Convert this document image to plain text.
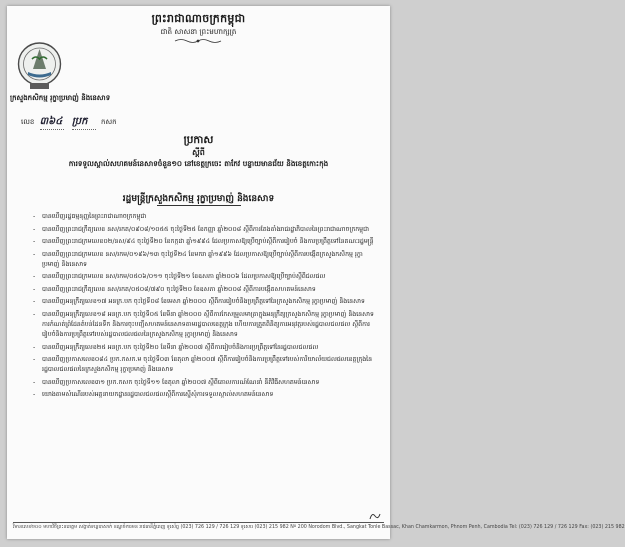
ព្រះរាជាណាចក្រកម្ពុជា
ជាតិ សាសនា ព្រះមហាក្សត្រ
ក្រសួងកសិកម្ម រុក្ខាប្រមាញ់ និងនេសាទ
លេខ ៣៦៤ ប្រក កសក
ប្រកាស
ស្តីពី
ការទទួលស្គាល់សហគមន៍នេសាទចំនួន១០ នៅខេត្តក្រចេះ តាកែវ បន្ទាយមានជ័យ និងខេត្តកោះកុង
រដ្ឋមន្ត្រីក្រសួងកសិកម្ម រុក្ខាប្រមាញ់ និងនេសាទ
- បានឃើញរដ្ឋធម្មនុញ្ញនៃព្រះរាជាណាចក្រកម្ពុជា
- បានឃើញព្រះរាជក្រឹត្យលេខ នស/រកត/០៩០៨/១០៥៥ ចុះថ្ងៃទី២៥ ខែកញ្ញា ឆ្នាំ២០០៨ ស្តីពីការតែងតាំងរាជរដ្ឋាភិបាលនៃព្រះរាជាណាចក្រកម្ពុជា
- បានឃើញព្រះរាជក្រមលេខ០២/នស/៩៤ ចុះថ្ងៃទី២០ ខែកក្កដា ឆ្នាំ១៩៩៤ ដែលប្រកាសឱ្យប្រើច្បាប់ស្តីពីការរៀបចំ និងការប្រព្រឹត្តទៅនៃគណៈរដ្ឋមន្ត្រី
- បានឃើញព្រះរាជក្រមលេខ នស/រកម/០១៩៦/១៣ ចុះថ្ងៃទី២៤ ខែមករា ឆ្នាំ១៩៩៦ ដែលប្រកាសឱ្យប្រើច្បាប់ស្តីពីការបង្កើតក្រសួងកសិកម្ម រុក្ខាប្រមាញ់ និងនេសាទ
- បានឃើញព្រះរាជក្រមលេខ នស/រកម/០៥០៦/០១១ ចុះថ្ងៃទី២១ ខែឧសភា ឆ្នាំ២០០៦ ដែលប្រកាសឱ្យប្រើច្បាប់ស្តីពីជលផល
- បានឃើញព្រះរាជក្រឹត្យលេខ នស/រកត/០៥០៨/៧៩០ ចុះថ្ងៃទី២០ ខែឧសភា ឆ្នាំ២០០៨ ស្តីពីការបង្កើតសហគមន៍នេសាទ
- បានឃើញអនុក្រឹត្យលេខ១៧ អនក្រ.បក ចុះថ្ងៃទី០៨ ខែមេសា ឆ្នាំ២០០០ ស្តីពីការរៀបចំនិងប្រព្រឹត្តទៅនៃក្រសួងកសិកម្ម រុក្ខាប្រមាញ់ និងនេសាទ
- បានឃើញអនុក្រឹត្យលេខ១៨ អនក្រ.បក ចុះថ្ងៃទី០៥ ខែមីនា ឆ្នាំ២០០០ ស្តីពីការកែសម្រួលមាត្រាក្នុងអនុក្រឹត្យក្រសួងកសិកម្ម រុក្ខាប្រមាញ់ និងនេសាទ ការកំណត់ព្រំដែនតំបន់ដែនទឹក និងការចុះបញ្ជីសហគមន៍នេសាទតាមរដ្ឋបាលខេត្តក្រុង ហើយការត្រួតពិនិត្យការអនុវត្តរបស់រដ្ឋបាលជលផល ស្តីពីការរៀបចំនិងការប្រព្រឹត្តទៅរបស់រដ្ឋបាលជលផលនៃក្រសួងកសិកម្ម រុក្ខាប្រមាញ់ និងនេសាទ
- បានឃើញអនុក្រឹត្យលេខ២៥ អនក្រ.បក ចុះថ្ងៃទី២០ ខែមីនា ឆ្នាំ២០០៧ ស្តីពីការរៀបចំនិងការប្រព្រឹត្តទៅនៃរដ្ឋបាលជលផល
- បានឃើញប្រកាសលេខ០៨៤ ប្រក.កសក.ម ចុះថ្ងៃទី០៣ ខែតុលា ឆ្នាំ២០០៧ ស្តីពីការរៀបចំនិងការប្រព្រឹត្តទៅរបស់ការិយាល័យជលផលខេត្តក្រុងនៃរដ្ឋបាលជលផលនៃក្រសួងកសិកម្ម រុក្ខាប្រមាញ់ និងនេសាទ
- បានឃើញប្រកាសលេខ៣១ ប្រក.កសក ចុះថ្ងៃទី១១ ខែតុលា ឆ្នាំ២០០៧ ស្តីពីគោលការណ៍ណែនាំ នីតិវិធីសហគមន៍នេសាទ
- យោងតាមសំណើររបស់អគ្គនាយកដ្ឋានរដ្ឋបាលជលផលស្តីពីការស្នើសុំការទទួលស្គាល់សហគមន៍នេសាទ
វិមានលេខ២០០ មហាវិថីព្រះនរោត្តម សង្កាត់ទន្លេបាសាក់ ខណ្ឌចំការមន រាជធានីភ្នំពេញ ទូរស័ព្ទ (023) 726 129 / 726 129 ទូរសារ (023) 215 982 Nº 200 Norodom Blvd., Sangkat Tonle Bassac, Khan Chamkarmon, Phnom Penh, Cambodia Tel: (023) 726 129 / 726 129 Fax: (023) 215 982
